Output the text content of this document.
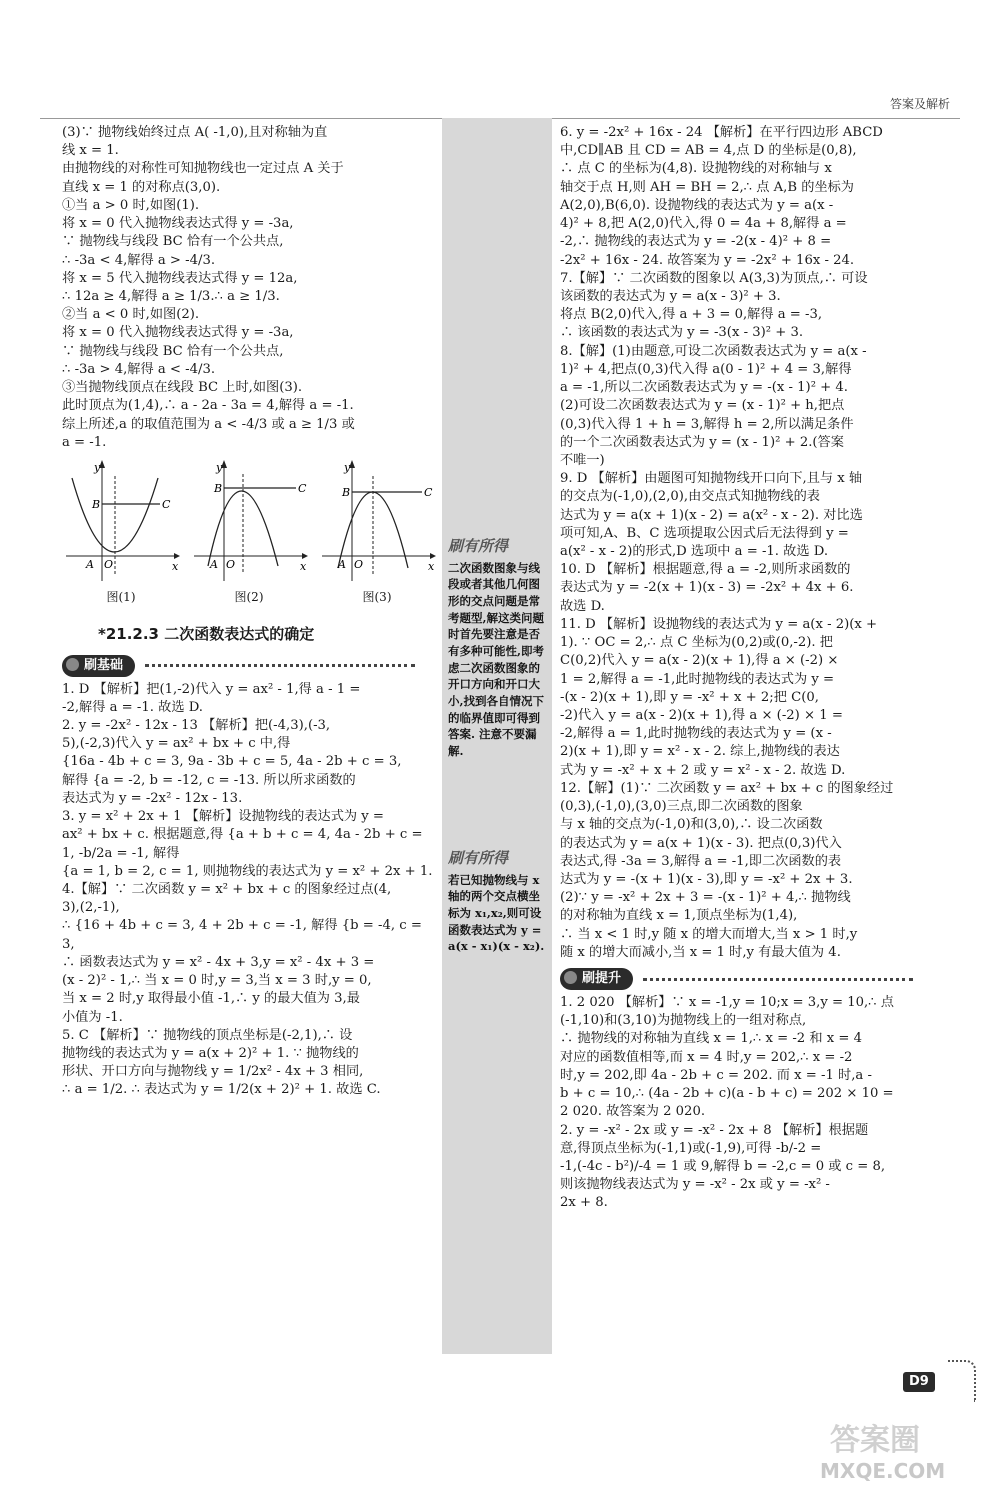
答案及解析

(3)∵ 抛物线始终过点 A( -1,0),且对称轴为直

线 x = 1.

由抛物线的对称性可知抛物线也一定过点 A 关于

直线 x = 1 的对称点(3,0).

①当 a > 0 时,如图(1).

将 x = 0 代入抛物线表达式得 y = -3a,

∵ 抛物线与线段 BC 恰有一个公共点,

∴ -3a < 4,解得 a > -4/3.

将 x = 5 代入抛物线表达式得 y = 12a,

∴ 12a ≥ 4,解得 a ≥ 1/3.∴ a ≥ 1/3.

②当 a < 0 时,如图(2).

将 x = 0 代入抛物线表达式得 y = -3a,

∵ 抛物线与线段 BC 恰有一个公共点,

∴ -3a > 4,解得 a < -4/3.

③当抛物线顶点在线段 BC 上时,如图(3).

此时顶点为(1,4),∴ a - 2a - 3a = 4,解得 a = -1.

综上所述,a 的取值范围为 a < -4/3 或 a ≥ 1/3 或

a = -1.

y
x
B	C
A O
图(1)
y
x
B	C
A O
图(2)
y
x
B	C
A O
图(3)
*21.2.3 二次函数表达式的确定
刷基础

1. D 【解析】把(1,-2)代入 y = ax² - 1,得 a - 1 =

-2,解得 a = -1. 故选 D.

2. y = -2x² - 12x - 13 【解析】把(-4,3),(-3,

5),(-2,3)代入 y = ax² + bx + c 中,得

{16a - 4b + c = 3, 9a - 3b + c = 5, 4a - 2b + c = 3,

解得 {a = -2, b = -12, c = -13. 所以所求函数的

表达式为 y = -2x² - 12x - 13.

3. y = x² + 2x + 1 【解析】设抛物线的表达式为 y =

ax² + bx + c. 根据题意,得 {a + b + c = 4, 4a - 2b + c = 1, -b/2a = -1, 解得

{a = 1, b = 2, c = 1, 则抛物线的表达式为 y = x² + 2x + 1.

4.【解】∵ 二次函数 y = x² + bx + c 的图象经过点(4,

3),(2,-1),

∴ {16 + 4b + c = 3, 4 + 2b + c = -1, 解得 {b = -4, c = 3,

∴ 函数表达式为 y = x² - 4x + 3,y = x² - 4x + 3 =

(x - 2)² - 1,∴ 当 x = 0 时,y = 3,当 x = 3 时,y = 0,

当 x = 2 时,y 取得最小值 -1,∴ y 的最大值为 3,最

小值为 -1.

5. C 【解析】∵ 抛物线的顶点坐标是(-2,1),∴ 设

抛物线的表达式为 y = a(x + 2)² + 1. ∵ 抛物线的

形状、开口方向与抛物线 y = 1/2x² - 4x + 3 相同,

∴ a = 1/2. ∴ 表达式为 y = 1/2(x + 2)² + 1. 故选 C.

刷有所得
二次函数图象与线段或者其他几何图形的交点问题是常考题型,解这类问题时首先要注意是否有多种可能性,即考虑二次函数图象的开口方向和开口大小,找到各自情况下的临界值即可得到答案. 注意不要漏解.
刷有所得
若已知抛物线与 x 轴的两个交点横坐标为 x₁,x₂,则可设函数表达式为 y = a(x - x₁)(x - x₂).

6. y = -2x² + 16x - 24 【解析】在平行四边形 ABCD

中,CD∥AB 且 CD = AB = 4,点 D 的坐标是(0,8),

∴ 点 C 的坐标为(4,8). 设抛物线的对称轴与 x

轴交于点 H,则 AH = BH = 2,∴ 点 A,B 的坐标为

A(2,0),B(6,0). 设抛物线的表达式为 y = a(x -

4)² + 8,把 A(2,0)代入,得 0 = 4a + 8,解得 a =

-2,∴ 抛物线的表达式为 y = -2(x - 4)² + 8 =

-2x² + 16x - 24. 故答案为 y = -2x² + 16x - 24.

7.【解】∵ 二次函数的图象以 A(3,3)为顶点,∴ 可设

该函数的表达式为 y = a(x - 3)² + 3.

将点 B(2,0)代入,得 a + 3 = 0,解得 a = -3,

∴ 该函数的表达式为 y = -3(x - 3)² + 3.

8.【解】(1)由题意,可设二次函数表达式为 y = a(x -

1)² + 4,把点(0,3)代入得 a(0 - 1)² + 4 = 3,解得

a = -1,所以二次函数表达式为 y = -(x - 1)² + 4.

(2)可设二次函数表达式为 y = (x - 1)² + h,把点

(0,3)代入得 1 + h = 3,解得 h = 2,所以满足条件

的一个二次函数表达式为 y = (x - 1)² + 2.(答案

不唯一)

9. D 【解析】由题图可知抛物线开口向下,且与 x 轴

的交点为(-1,0),(2,0),由交点式知抛物线的表

达式为 y = a(x + 1)(x - 2) = a(x² - x - 2). 对比选

项可知,A、B、C 选项提取公因式后无法得到 y =

a(x² - x - 2)的形式,D 选项中 a = -1. 故选 D.

10. D 【解析】根据题意,得 a = -2,则所求函数的

表达式为 y = -2(x + 1)(x - 3) = -2x² + 4x + 6.

故选 D.

11. D 【解析】设抛物线的表达式为 y = a(x - 2)(x +

1). ∵ OC = 2,∴ 点 C 坐标为(0,2)或(0,-2). 把

C(0,2)代入 y = a(x - 2)(x + 1),得 a × (-2) ×

1 = 2,解得 a = -1,此时抛物线的表达式为 y =

-(x - 2)(x + 1),即 y = -x² + x + 2;把 C(0,

-2)代入 y = a(x - 2)(x + 1),得 a × (-2) × 1 =

-2,解得 a = 1,此时抛物线的表达式为 y = (x -

2)(x + 1),即 y = x² - x - 2. 综上,抛物线的表达

式为 y = -x² + x + 2 或 y = x² - x - 2. 故选 D.

12.【解】(1)∵ 二次函数 y = ax² + bx + c 的图象经过

(0,3),(-1,0),(3,0)三点,即二次函数的图象

与 x 轴的交点为(-1,0)和(3,0),∴ 设二次函数

的表达式为 y = a(x + 1)(x - 3). 把点(0,3)代入

表达式,得 -3a = 3,解得 a = -1,即二次函数的表

达式为 y = -(x + 1)(x - 3),即 y = -x² + 2x + 3.

(2)∵ y = -x² + 2x + 3 = -(x - 1)² + 4,∴ 抛物线

的对称轴为直线 x = 1,顶点坐标为(1,4),

∴ 当 x < 1 时,y 随 x 的增大而增大,当 x > 1 时,y

随 x 的增大而减小,当 x = 1 时,y 有最大值为 4.

刷提升

1. 2 020 【解析】∵ x = -1,y = 10;x = 3,y = 10,∴ 点

(-1,10)和(3,10)为抛物线上的一组对称点,

∴ 抛物线的对称轴为直线 x = 1,∴ x = -2 和 x = 4

对应的函数值相等,而 x = 4 时,y = 202,∴ x = -2

时,y = 202,即 4a - 2b + c = 202. 而 x = -1 时,a -

b + c = 10,∴ (4a - 2b + c)(a - b + c) = 202 × 10 =

2 020. 故答案为 2 020.

2. y = -x² - 2x 或 y = -x² - 2x + 8 【解析】根据题

意,得顶点坐标为(-1,1)或(-1,9),可得 -b/-2 =

-1,(-4c - b²)/-4 = 1 或 9,解得 b = -2,c = 0 或 c = 8,

则该抛物线表达式为 y = -x² - 2x 或 y = -x² -

2x + 8.

D9
答案圈
MXQE.COM
